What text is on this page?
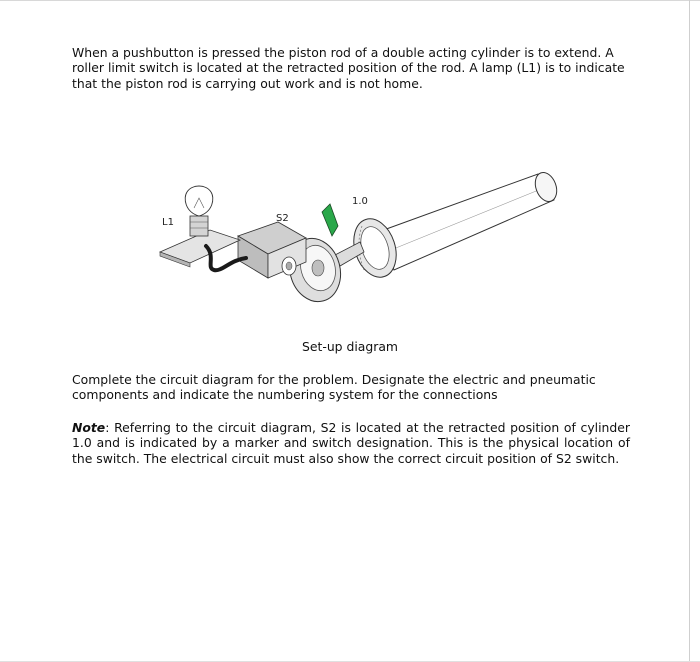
When a pushbutton is pressed the piston rod of a double acting cylinder is to extend. A roller limit switch is located at the retracted position of the rod. A lamp (L1) is to indicate that the piston rod is carrying out work and is not home.

L1	S2
1.0

Set-up diagram

Complete the circuit diagram for the problem. Designate the electric and pneumatic components and indicate the numbering system for the connections

Note: Referring to the circuit diagram, S2 is located at the retracted position of cylinder 1.0 and is indicated by a marker and switch designation. This is the physical location of the switch. The electrical circuit must also show the correct circuit position of S2 switch.
